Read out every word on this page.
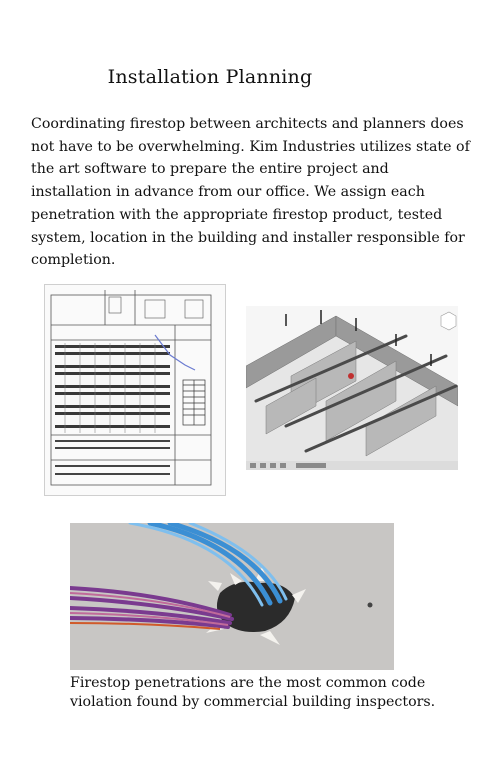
Installation Planning
Coordinating firestop between architects and planners does not have to be overwhelming. Kim Industries utilizes state of the art software to prepare the entire project and installation in advance from our office. We assign each penetration with the appropriate firestop product, tested system, location in the building and installer responsible for completion.
Firestop penetrations are the most common code violation found by commercial building inspectors.
